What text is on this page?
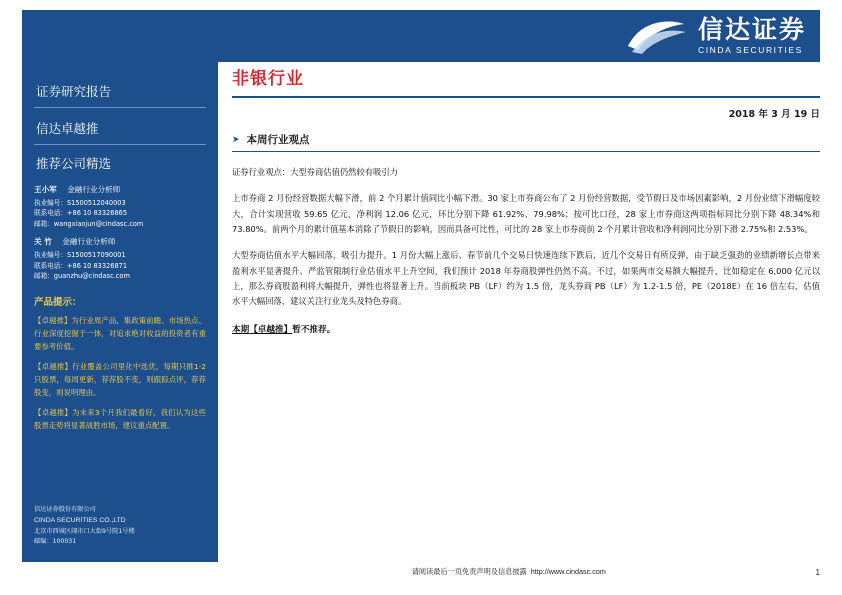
信达证券
CINDA SECURITIES
证券研究报告
信达卓越推
推荐公司精选
王小军 金融行业分析师
执业编号：S1500512040003
联系电话：+86 10 83326865
邮箱：wangxiaojun@cindasc.com
关 竹 金融行业分析师
执业编号：S1500517090001
联系电话：+86 10 83326871
邮箱：guanzhu@cindasc.com
产品提示：
【卓越推】为行业周产品，集政策前瞻、市场热点、行业深度挖掘于一体，对追求绝对收益的投资者有重要参考价值。
【卓越推】行业覆盖公司里化中选优，每期只推1-2只股票，每周更新，荐荐股不变，则跟踪点评，荐荐股变，则说明理由。
【卓越推】为未来3个月我们最看好，我们认为这些股票走势将显著战胜市场，建议重点配置。
信达证券股份有限公司
CINDA SECURITIES CO.,LTD
北京市西城区闹市口大街9号院1号楼
邮编：100031
非银行业
2018 年 3 月 19 日
➤ 本周行业观点
证券行业观点：大型券商估值仍然较有吸引力
上市券商 2 月份经营数据大幅下滑，前 2 个月累计值同比小幅下滑。30 家上市券商公布了 2 月份经营数据，受节假日及市场因素影响，2 月份业绩下滑幅度较大，合计实现营收 59.65 亿元，净利润 12.06 亿元，环比分别下降 61.92%、79.98%；按可比口径，28 家上市券商这两项指标同比分别下降 48.34%和 73.80%。前两个月的累计值基本消除了节假日的影响，因而具备可比性，可比的 28 家上市券商前 2 个月累计营收和净利润同比分别下滑 2.75%和 2.53%。
大型券商估值水平大幅回落，吸引力提升。1 月份大幅上涨后、春节前几个交易日快速连续下跌后，近几个交易日有所反弹，由于缺乏强劲的业绩新增长点带来盈利水平显著提升、严监管限制行业估值水平上升空间，我们预计 2018 年券商股弹性仍然不高。不过，如果两市交易额大幅提升，比如稳定在 6,000 亿元以上，那么券商股盈利将大幅提升，弹性也将显著上升。当前板块 PB（LF）约为 1.5 倍，龙头券商 PB（LF）为 1.2-1.5 倍，PE（2018E）在 16 倍左右，估值水平大幅回落，建议关注行业龙头及特色券商。
本期【卓越推】暂不推荐。
请阅读最后一页免责声明及信息披露 http://www.cindasc.com	1
